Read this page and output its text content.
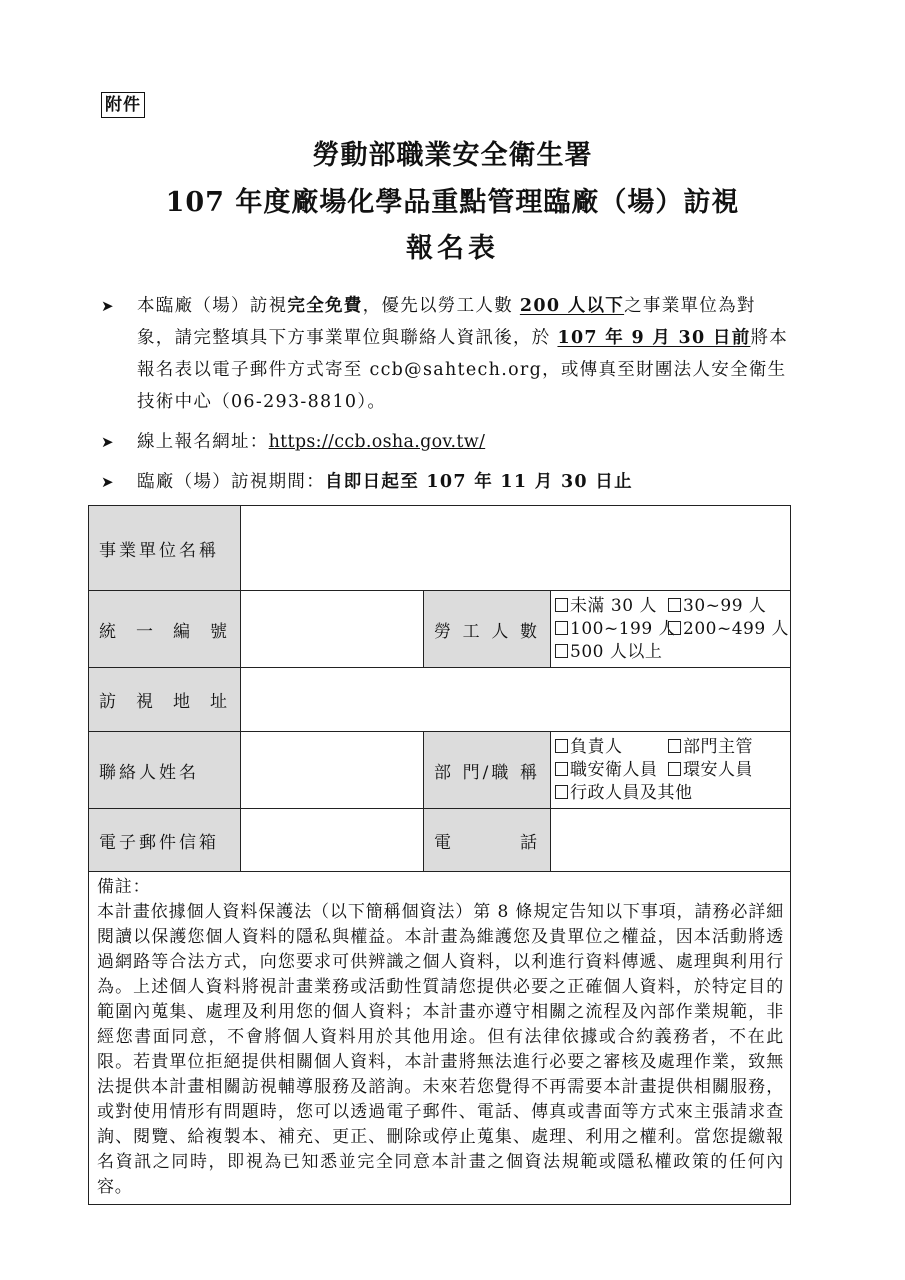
附件
勞動部職業安全衛生署
107 年度廠場化學品重點管理臨廠（場）訪視
報名表
➤ 本臨廠（場）訪視完全免費，優先以勞工人數 200 人以下之事業單位為對象，請完整填具下方事業單位與聯絡人資訊後，於 107 年 9 月 30 日前將本報名表以電子郵件方式寄至 ccb@sahtech.org，或傳真至財團法人安全衛生技術中心（06-293-8810）。
➤ 線上報名網址：https://ccb.osha.gov.tw/
➤ 臨廠（場）訪視期間：自即日起至 107 年 11 月 30 日止
事業單位名稱			

統 一 編 號		勞 工 人 數	未滿 30 人 30~99 人
100~199 人 200~499 人
500 人以上

訪 視 地 址			

聯絡人姓名		部 門/職 稱	負責人 部門主管
職安衛人員 環安人員
行政人員及其他
電子郵件信箱		電 話	

備註：
本計畫依據個人資料保護法（以下簡稱個資法）第 8 條規定告知以下事項，請務必詳細閱讀以保護您個人資料的隱私與權益。本計畫為維護您及貴單位之權益，因本活動將透過網路等合法方式，向您要求可供辨識之個人資料，以利進行資料傳遞、處理與利用行為。上述個人資料將視計畫業務或活動性質請您提供必要之正確個人資料，於特定目的範圍內蒐集、處理及利用您的個人資料；本計畫亦遵守相關之流程及內部作業規範，非經您書面同意，不會將個人資料用於其他用途。但有法律依據或合約義務者，不在此限。若貴單位拒絕提供相關個人資料，本計畫將無法進行必要之審核及處理作業，致無法提供本計畫相關訪視輔導服務及諮詢。未來若您覺得不再需要本計畫提供相關服務，或對使用情形有問題時，您可以透過電子郵件、電話、傳真或書面等方式來主張請求查詢、閱覽、給複製本、補充、更正、刪除或停止蒐集、處理、利用之權利。當您提繳報名資訊之同時，即視為已知悉並完全同意本計畫之個資法規範或隱私權政策的任何內容。			
